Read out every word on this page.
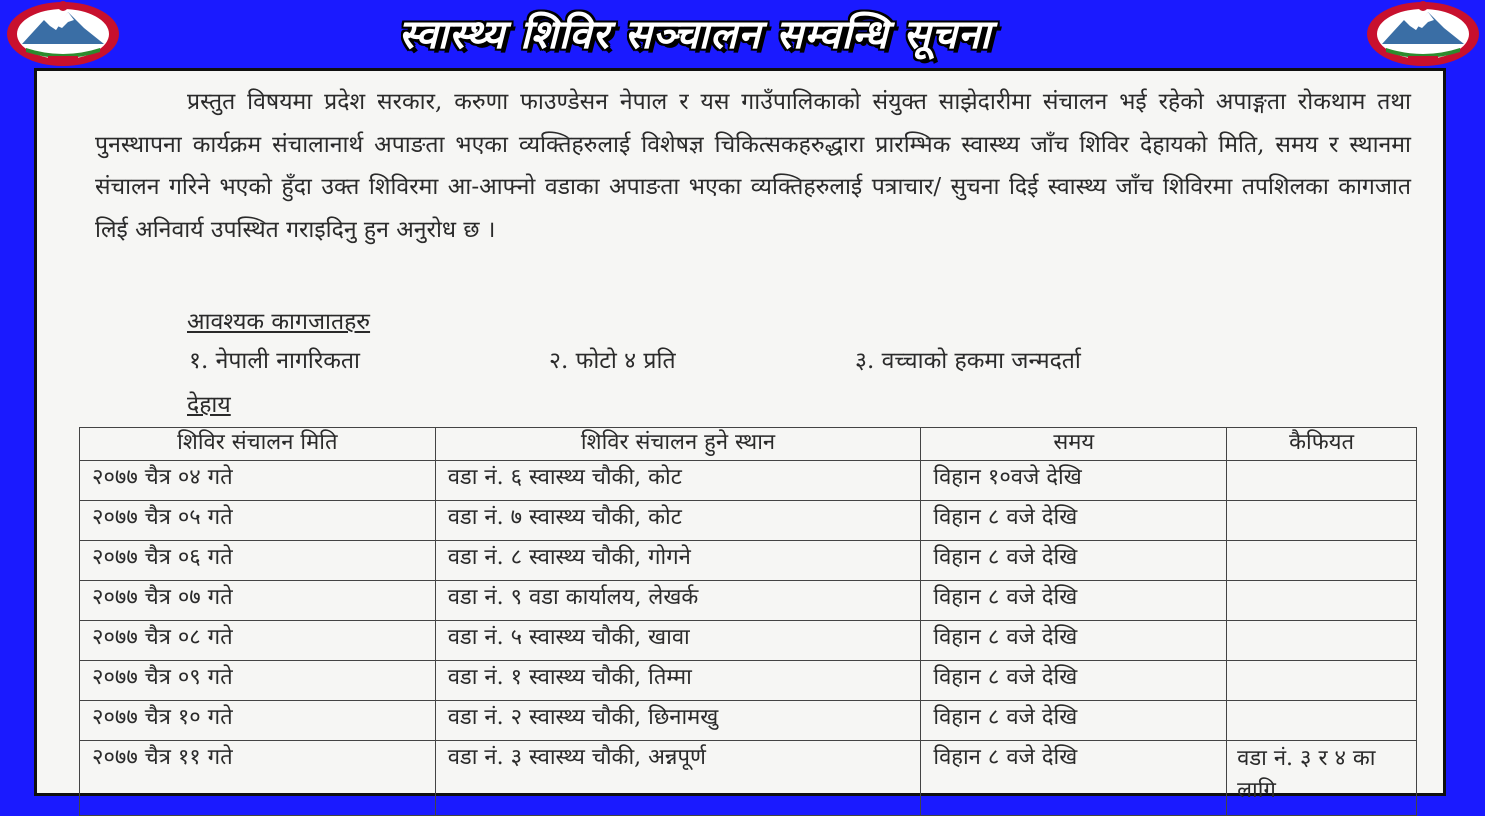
स्वास्थ्य शिविर सञ्चालन सम्वन्धि सूचना

प्रस्तुत विषयमा प्रदेश सरकार, करुणा फाउण्डेसन नेपाल र यस गाउँपालिकाको संयुक्त साझेदारीमा संचालन भई रहेको अपाङ्गता रोकथाम तथा पुनस्थापना कार्यक्रम संचालानार्थ अपाङता भएका व्यक्तिहरुलाई विशेषज्ञ चिकित्सकहरुद्धारा प्रारम्भिक स्वास्थ्य जाँच शिविर देहायको मिति, समय र स्थानमा संचालन गरिने भएको हुँदा उक्त शिविरमा आ-आफ्नो वडाका अपाङता भएका व्यक्तिहरुलाई पत्राचार/ सुचना दिई स्वास्थ्य जाँच शिविरमा तपशिलका कागजात लिई अनिवार्य उपस्थित गराइदिनु हुन अनुरोध छ ।

आवश्यक कागजातहरु
१. नेपाली नागरिकता	२. फोटो ४ प्रति	३. वच्चाको हकमा जन्मदर्ता
देहाय
शिविर संचालन मिति	शिविर संचालन हुने स्थान	समय	कैफियत
२०७७ चैत्र ०४ गते	वडा नं. ६ स्वास्थ्य चौकी, कोट	विहान १०वजे देखि	
२०७७ चैत्र ०५ गते	वडा नं. ७ स्वास्थ्य चौकी, कोट	विहान ८ वजे देखि	
२०७७ चैत्र ०६ गते	वडा नं. ८ स्वास्थ्य चौकी, गोगने	विहान ८ वजे देखि	
२०७७ चैत्र ०७ गते	वडा नं. ९ वडा कार्यालय, लेखर्क	विहान ८ वजे देखि	
२०७७ चैत्र ०८ गते	वडा नं. ५ स्वास्थ्य चौकी, खावा	विहान ८ वजे देखि	
२०७७ चैत्र ०९ गते	वडा नं. १ स्वास्थ्य चौकी, तिम्मा	विहान ८ वजे देखि	
२०७७ चैत्र १० गते	वडा नं. २ स्वास्थ्य चौकी, छिनामखु	विहान ८ वजे देखि	
२०७७ चैत्र ११ गते	वडा नं. ३ स्वास्थ्य चौकी, अन्नपूर्ण	विहान ८ वजे देखि	वडा नं. ३ र ४ का लागि
